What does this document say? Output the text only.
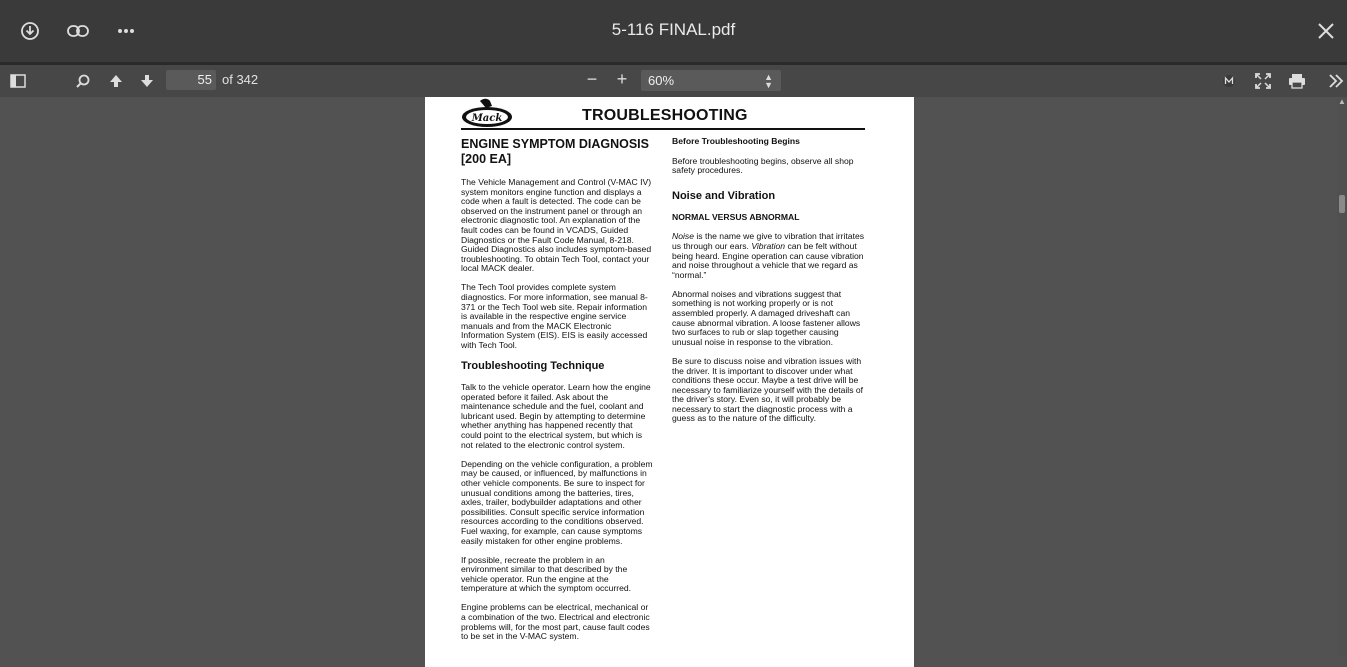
5-116 FINAL.pdf
55 of 342	− +	60%	▲
▼
▲
Mack	TROUBLESHOOTING
ENGINE SYMPTOM DIAGNOSIS [200 EA]

The Vehicle Management and Control (V-MAC IV) system monitors engine function and displays a code when a fault is detected. The code can be observed on the instrument panel or through an electronic diagnostic tool. An explanation of the fault codes can be found in VCADS, Guided Diagnostics or the Fault Code Manual, 8-218. Guided Diagnostics also includes symptom-based troubleshooting. To obtain Tech Tool, contact your local MACK dealer.

The Tech Tool provides complete system diagnostics. For more information, see manual 8-371 or the Tech Tool web site. Repair information is available in the respective engine service manuals and from the MACK Electronic Information System (EIS). EIS is easily accessed with Tech Tool.

Troubleshooting Technique

Talk to the vehicle operator. Learn how the engine operated before it failed. Ask about the maintenance schedule and the fuel, coolant and lubricant used. Begin by attempting to determine whether anything has happened recently that could point to the electrical system, but which is not related to the electronic control system.

Depending on the vehicle configuration, a problem may be caused, or influenced, by malfunctions in other vehicle components. Be sure to inspect for unusual conditions among the batteries, tires, axles, trailer, bodybuilder adaptations and other possibilities. Consult specific service information resources according to the conditions observed. Fuel waxing, for example, can cause symptoms easily mistaken for other engine problems.

If possible, recreate the problem in an environment similar to that described by the vehicle operator. Run the engine at the temperature at which the symptom occurred.

Engine problems can be electrical, mechanical or a combination of the two. Electrical and electronic problems will, for the most part, cause fault codes to be set in the V-MAC system.

Before Troubleshooting Begins

Before troubleshooting begins, observe all shop safety procedures.

Noise and Vibration
NORMAL VERSUS ABNORMAL

Noise is the name we give to vibration that irritates us through our ears. Vibration can be felt without being heard. Engine operation can cause vibration and noise throughout a vehicle that we regard as “normal.”

Abnormal noises and vibrations suggest that something is not working properly or is not assembled properly. A damaged driveshaft can cause abnormal vibration. A loose fastener allows two surfaces to rub or slap together causing unusual noise in response to the vibration.

Be sure to discuss noise and vibration issues with the driver. It is important to discover under what conditions these occur. Maybe a test drive will be necessary to familiarize yourself with the details of the driver’s story. Even so, it will probably be necessary to start the diagnostic process with a guess as to the nature of the difficulty.
